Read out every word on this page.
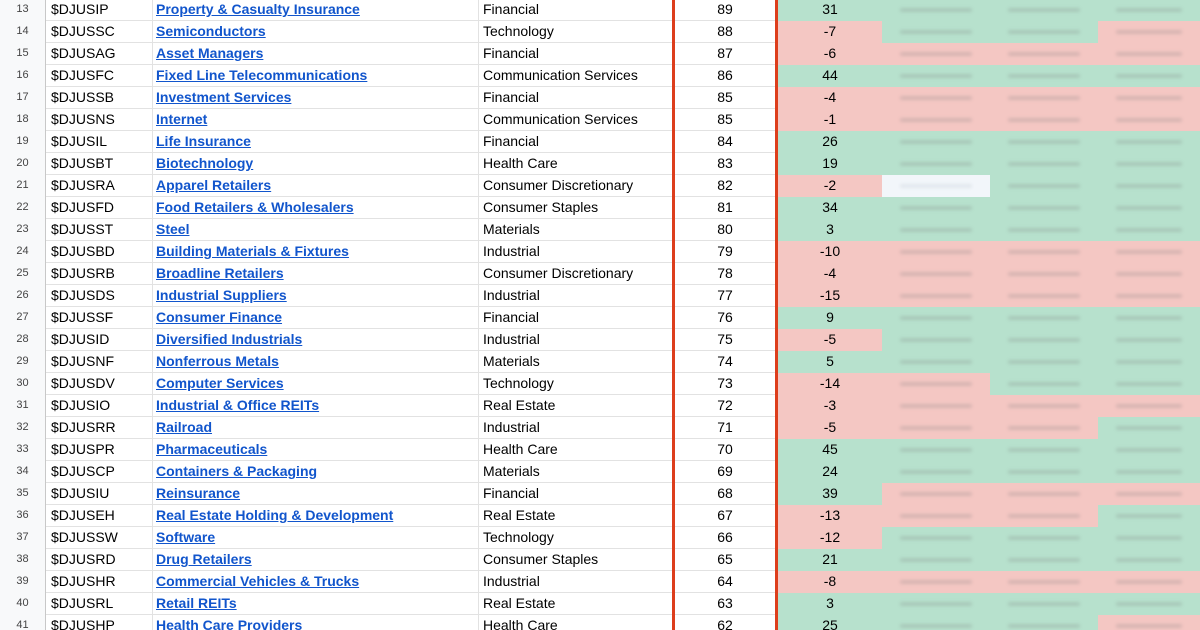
13	$DJUSIP	Property & Casualty Insurance	Financial	89	31
14	$DJUSSC	Semiconductors	Technology	88	-7
15	$DJUSAG	Asset Managers	Financial	87	-6
16	$DJUSFC	Fixed Line Telecommunications	Communication Services	86	44
17	$DJUSSB	Investment Services	Financial	85	-4
18	$DJUSNS	Internet	Communication Services	85	-1
19	$DJUSIL	Life Insurance	Financial	84	26
20	$DJUSBT	Biotechnology	Health Care	83	19
21	$DJUSRA	Apparel Retailers	Consumer Discretionary	82	-2
22	$DJUSFD	Food Retailers & Wholesalers	Consumer Staples	81	34
23	$DJUSST	Steel	Materials	80	3
24	$DJUSBD	Building Materials & Fixtures	Industrial	79	-10
25	$DJUSRB	Broadline Retailers	Consumer Discretionary	78	-4
26	$DJUSDS	Industrial Suppliers	Industrial	77	-15
27	$DJUSSF	Consumer Finance	Financial	76	9
28	$DJUSID	Diversified Industrials	Industrial	75	-5
29	$DJUSNF	Nonferrous Metals	Materials	74	5
30	$DJUSDV	Computer Services	Technology	73	-14
31	$DJUSIO	Industrial & Office REITs	Real Estate	72	-3
32	$DJUSRR	Railroad	Industrial	71	-5
33	$DJUSPR	Pharmaceuticals	Health Care	70	45
34	$DJUSCP	Containers & Packaging	Materials	69	24
35	$DJUSIU	Reinsurance	Financial	68	39
36	$DJUSEH	Real Estate Holding & Development	Real Estate	67	-13
37	$DJUSSW	Software	Technology	66	-12
38	$DJUSRD	Drug Retailers	Consumer Staples	65	21
39	$DJUSHR	Commercial Vehicles & Trucks	Industrial	64	-8
40	$DJUSRL	Retail REITs	Real Estate	63	3
41	$DJUSHP	Health Care Providers	Health Care	62	25
